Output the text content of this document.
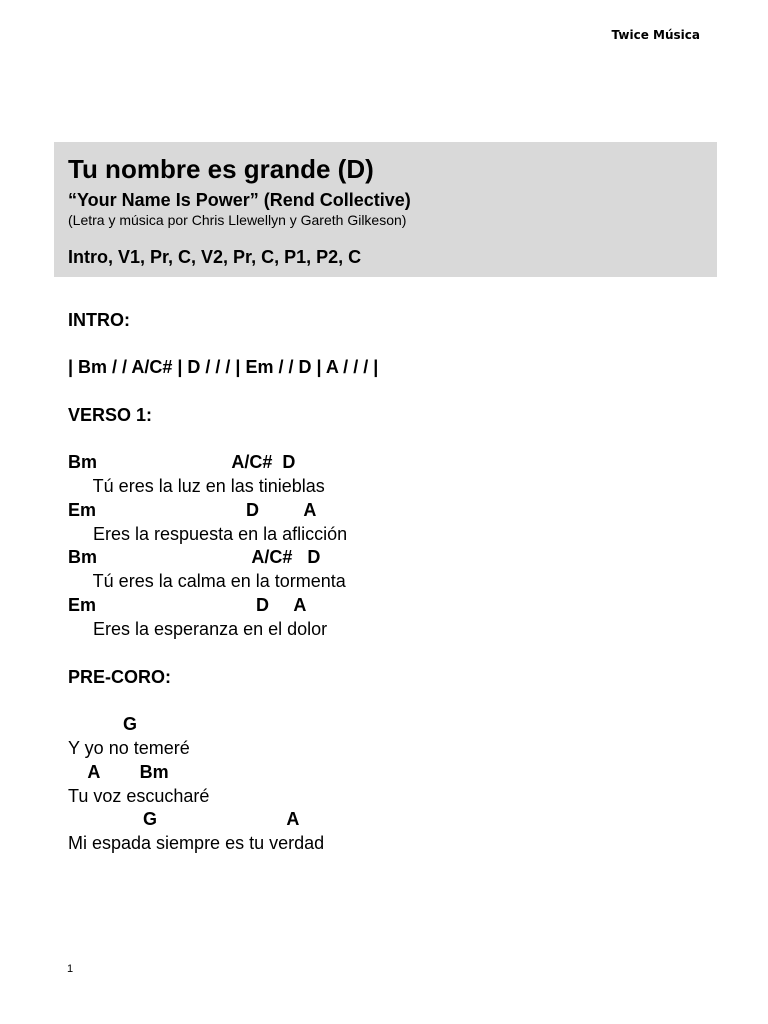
Twice Música
Tu nombre es grande (D)
“Your Name Is Power” (Rend Collective)
(Letra y música por Chris Llewellyn y Gareth Gilkeson)
Intro, V1, Pr, C, V2, Pr, C, P1, P2, C
INTRO:
| Bm / / A/C# | D / / / | Em / / D | A / / / |
VERSO 1:
Bm                           A/C#  D
Tú eres la luz en las tinieblas
Em                              D         A
Eres la respuesta en la aflicción
Bm                               A/C#   D
Tú eres la calma en la tormenta
Em                                D     A
Eres la esperanza en el dolor
PRE-CORO:
G
Y yo no temeré
A        Bm
Tu voz escucharé
G                          A
Mi espada siempre es tu verdad
1
